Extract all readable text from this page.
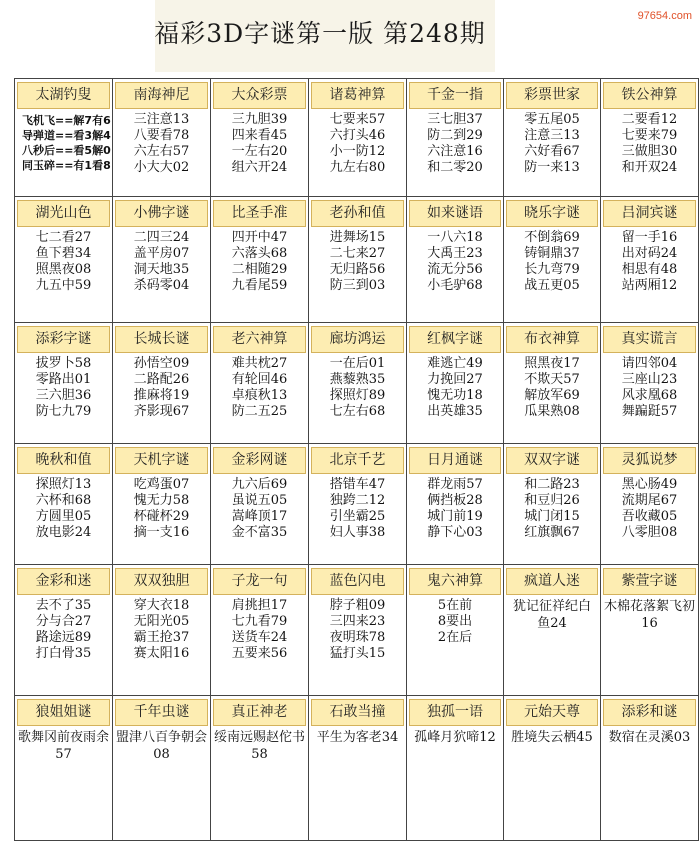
97654.com
福彩3D字谜第一版 第248期
太湖钓叟
飞机飞==解7有6
导弹道==看3解4
八秒后==看5解0
同玉碎==有1看8
南海神尼
三注意13
八要看78
六左右57
小大大02
大众彩票
三九胆39
四来看45
一左右20
组六开24
诸葛神算
七要来57
六打头46
小一防12
九左右80
千金一指
三七胆37
防二到29
六注意16
和二零20
彩票世家
零五尾05
注意三13
六好看67
防一来13
铁公神算
二要看12
七要来79
三做胆30
和开双24
湖光山色
七二看27
鱼下碧34
照黑夜08
九五中59
小佛字谜
二四三24
盖平房07
洞天地35
杀码零04
比圣手准
四开中47
六落头68
二相随29
九看尾59
老孙和值
进舞场15
二七来27
无归路56
防三到03
如来谜语
一八六18
大禹王23
流无分56
小毛驴68
晓乐字谜
不倒翁69
铸铜鼎37
长九弯79
战五更05
吕洞宾谜
留一手16
出对码24
相思有48
站两厢12
添彩字谜
拔罗卜58
零路出01
三六胆36
防七九79
长城长谜
孙悟空09
二路配26
推麻将19
齐影现67
老六神算
难共枕27
有轮回46
卓痕秋13
防二五25
廊坊鸿运
一在后01
燕藜熟35
探照灯89
七左右68
红枫字谜
难逃亡49
力挽回27
愧无功18
出英雄35
布衣神算
照黑夜17
不欺天57
解放军69
瓜果熟08
真实谎言
请四邻04
三座山23
风求凰68
舞蹁跹57
晚秋和值
探照灯13
六杯和68
方圆里05
放电影24
天机字谜
吃鸡蛋07
愧无力58
杯碰杯29
摘一支16
金彩网谜
九六后69
虽说五05
嵩峰顶17
金不富35
北京千艺
搭错车47
独跨二12
引坐霸25
妇人事38
日月通谜
群龙雨57
俩挡板28
城门前19
静下心03
双双字谜
和二路23
和豆归26
城门闭15
红旗飘67
灵狐说梦
黑心肠49
流期尾67
吾收藏05
八零胆08
金彩和迷
去不了35
分与合27
路途远89
打白骨35
双双独胆
穿大衣18
无阳光05
霸王抢37
赛太阳16
子龙一句
肩挑担17
七九看79
送货车24
五要来56
蓝色闪电
脖子粗09
三四来23
夜明珠78
猛打头15
鬼六神算
5在前
8要出
2在后
疯道人迷
犹记征祥纪白鱼24
紫萱字谜
木棉花落絮飞初16
狼姐姐谜
歌舞冈前夜雨余57
千年虫谜
盟津八百争朝会08
真正神老
绥南远赐赵佗书58
石敢当撞
平生为客老34
独孤一语
孤峰月狖啼12
元始天尊
胜境失云栖45
添彩和谜
数宿在灵溪03
